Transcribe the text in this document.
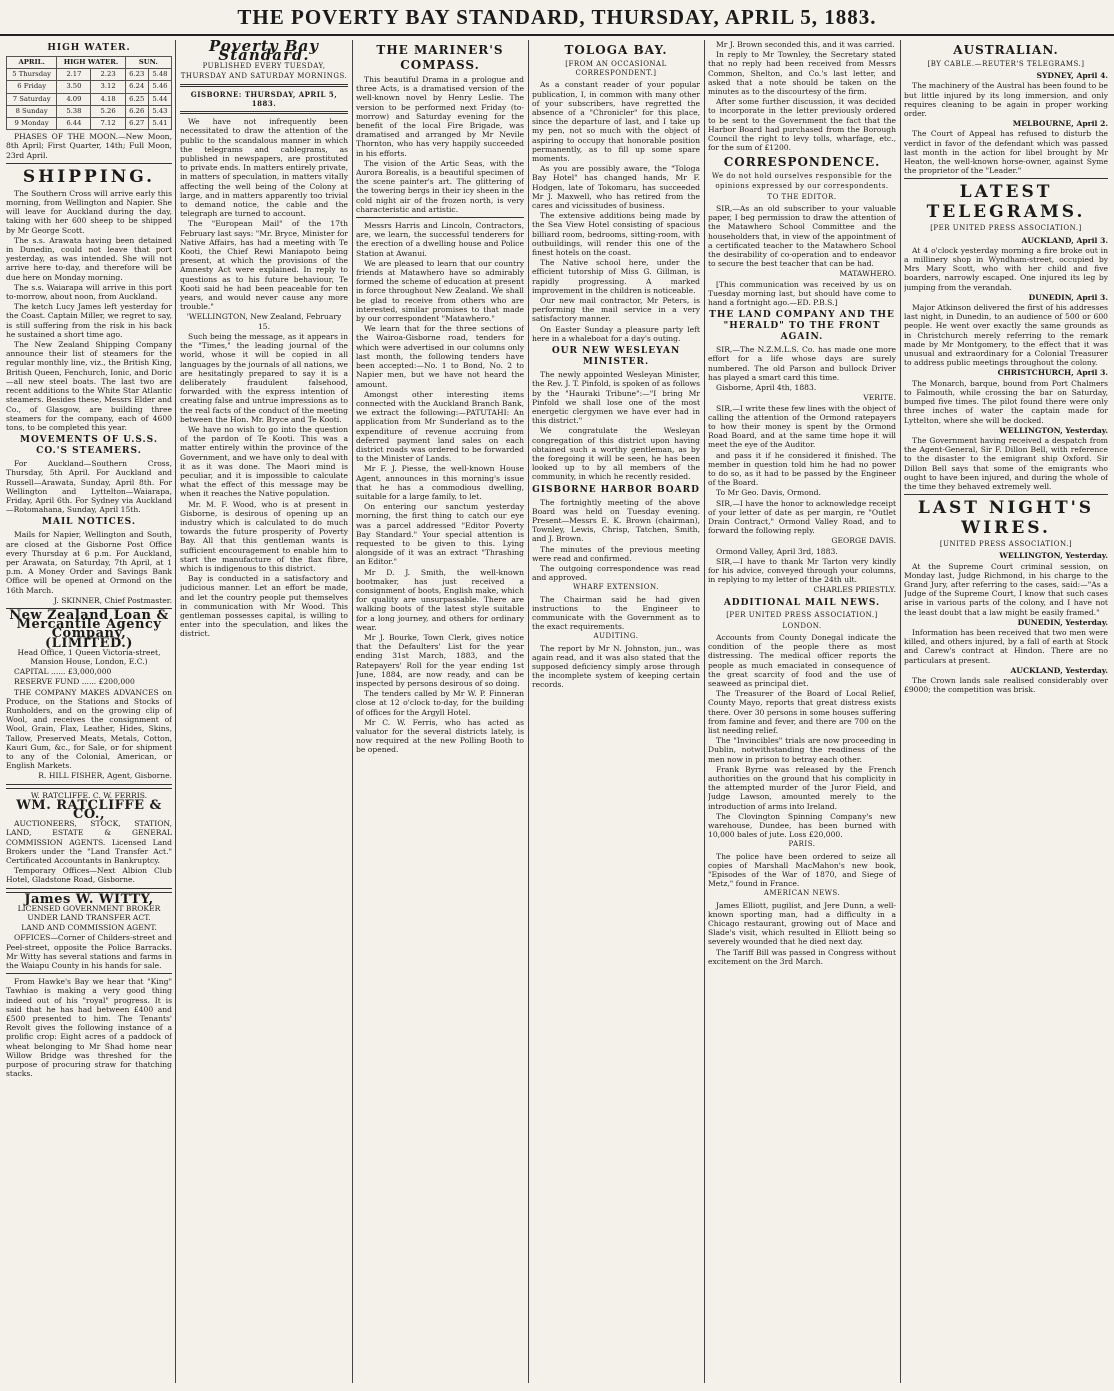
THE POVERTY BAY STANDARD, THURSDAY, APRIL 5, 1883.
HIGH WATER.
APRIL.	HIGH WATER.		SUN.	
5 Thursday	2.17	2.23	6.23	5.48
6 Friday	3.50	3.12	6.24	5.46
7 Saturday	4.09	4.18	6.25	5.44
8 Sunday	5.38	5.26	6.26	5.43
9 Monday	6.44	7.12	6.27	5.41

PHASES OF THE MOON.—New Moon, 8th April; First Quarter, 14th; Full Moon, 23rd April.

SHIPPING.

The Southern Cross will arrive early this morning, from Wellington and Napier. She will leave for Auckland during the day, taking with her 600 sheep to be shipped by Mr George Scott.

The s.s. Arawata having been detained in Dunedin, could not leave that port yesterday, as was intended. She will not arrive here to-day, and therefore will be due here on Monday morning.

The s.s. Waiarapa will arrive in this port to-morrow, about noon, from Auckland.

The ketch Lucy James left yesterday for the Coast. Captain Miller, we regret to say, is still suffering from the risk in his back he sustained a short time ago.

The New Zealand Shipping Company announce their list of steamers for the regular monthly line, viz., the British King, British Queen, Fenchurch, Ionic, and Doric—all new steel boats. The last two are recent additions to the White Star Atlantic steamers. Besides these, Messrs Elder and Co., of Glasgow, are building three steamers for the company, each of 4600 tons, to be completed this year.

MOVEMENTS OF U.S.S. CO.'S STEAMERS.

For Auckland—Southern Cross, Thursday, 5th April. For Auckland and Russell—Arawata, Sunday, April 8th. For Wellington and Lyttelton—Waiarapa, Friday, April 6th. For Sydney via Auckland—Rotomahana, Sunday, April 15th.

MAIL NOTICES.

Mails for Napier, Wellington and South, are closed at the Gisborne Post Office every Thursday at 6 p.m. For Auckland, per Arawata, on Saturday, 7th April, at 1 p.m. A Money Order and Savings Bank Office will be opened at Ormond on the 16th March.

J. SKINNER, Chief Postmaster.

New Zealand Loan & Mercantile Agency Company, (LIMITED.)

Head Office, 1 Queen Victoria-street, Mansion House, London, E.C.)

CAPITAL ...... £3,000,000

RESERVE FUND ...... £200,000

THE COMPANY MAKES ADVANCES on Produce, on the Stations and Stocks of Runholders, and on the growing clip of Wool, and receives the consignment of Wool, Grain, Flax, Leather, Hides, Skins, Tallow, Preserved Meats, Metals, Cotton, Kauri Gum, &c., for Sale, or for shipment to any of the Colonial, American, or English Markets.

R. HILL FISHER, Agent, Gisborne.

W. RATCLIFFE. C. W. FERRIS.

WM. RATCLIFFE & CO.,

AUCTIONEERS, STOCK, STATION, LAND, ESTATE & GENERAL COMMISSION AGENTS. Licensed Land Brokers under the "Land Transfer Act." Certificated Accountants in Bankruptcy.

Temporary Offices—Next Albion Club Hotel, Gladstone Road, Gisborne.

James W. WITTY,

LICENSED GOVERNMENT BROKER UNDER LAND TRANSFER ACT.

LAND AND COMMISSION AGENT.

OFFICES—Corner of Childers-street and Peel-street, opposite the Police Barracks. Mr Witty has several stations and farms in the Waiapu County in his hands for sale.

From Hawke's Bay we hear that "King" Tawhiao is making a very good thing indeed out of his "royal" progress. It is said that he has had between £400 and £500 presented to him. The Tenants' Revolt gives the following instance of a prolific crop: Eight acres of a paddock of wheat belonging to Mr Shad home near Willow Bridge was threshed for the purpose of procuring straw for thatching stacks.

Poverty Bay Standard.
PUBLISHED EVERY TUESDAY, THURSDAY AND SATURDAY MORNINGS.
GISBORNE: THURSDAY, APRIL 5, 1883.

We have not infrequently been necessitated to draw the attention of the public to the scandalous manner in which the telegrams and cablegrams, as published in newspapers, are prostituted to private ends. In matters entirely private, in matters of speculation, in matters vitally affecting the well being of the Colony at large, and in matters apparently too trivial to demand notice, the cable and the telegraph are turned to account.

The "European Mail" of the 17th February last says: "Mr. Bryce, Minister for Native Affairs, has had a meeting with Te Kooti, the Chief Rewi Maniapoto being present, at which the provisions of the Amnesty Act were explained. In reply to questions as to his future behaviour, Te Kooti said he had been peaceable for ten years, and would never cause any more trouble."

'WELLINGTON, New Zealand, February 15.

Such being the message, as it appears in the "Times," the leading journal of the world, whose it will be copied in all languages by the journals of all nations, we are hesitatingly prepared to say it is a deliberately fraudulent falsehood, forwarded with the express intention of creating false and untrue impressions as to the real facts of the conduct of the meeting between the Hon. Mr. Bryce and Te Kooti.

We have no wish to go into the question of the pardon of Te Kooti. This was a matter entirely within the province of the Government, and we have only to deal with it as it was done. The Maori mind is peculiar, and it is impossible to calculate what the effect of this message may be when it reaches the Native population.

Mr. M. F. Wood, who is at present in Gisborne, is desirous of opening up an industry which is calculated to do much towards the future prosperity of Poverty Bay. All that this gentleman wants is sufficient encouragement to enable him to start the manufacture of the flax fibre, which is indigenous to this district.

Bay is conducted in a satisfactory and judicious manner. Let an effort be made, and let the country people put themselves in communication with Mr Wood. This gentleman possesses capital, is willing to enter into the speculation, and likes the district.

THE MARINER'S COMPASS.

This beautiful Drama in a prologue and three Acts, is a dramatised version of the well-known novel by Henry Leslie. The version to be performed next Friday (to-morrow) and Saturday evening for the benefit of the local Fire Brigade, was dramatised and arranged by Mr Nevile Thornton, who has very happily succeeded in his efforts.

The vision of the Artic Seas, with the Aurora Borealis, is a beautiful specimen of the scene painter's art. The glittering of the towering bergs in their icy sheen in the cold night air of the frozen north, is very characteristic and artistic.

Messrs Harris and Lincoln, Contractors, are, we learn, the successful tenderers for the erection of a dwelling house and Police Station at Awanui.

We are pleased to learn that our country friends at Matawhero have so admirably formed the scheme of education at present in force throughout New Zealand. We shall be glad to receive from others who are interested, similar promises to that made by our correspondent "Matawhero."

We learn that for the three sections of the Wairoa-Gisborne road, tenders for which were advertised in our columns only last month, the following tenders have been accepted:—No. 1 to Bond, No. 2 to Napier men, but we have not heard the amount.

Amongst other interesting items connected with the Auckland Branch Bank, we extract the following:—PATUTAHI: An application from Mr Sunderland as to the expenditure of revenue accruing from deferred payment land sales on each district roads was ordered to be forwarded to the Minister of Lands.

Mr F. J. Piesse, the well-known House Agent, announces in this morning's issue that he has a commodious dwelling, suitable for a large family, to let.

On entering our sanctum yesterday morning, the first thing to catch our eye was a parcel addressed "Editor Poverty Bay Standard." Your special attention is requested to be given to this. Lying alongside of it was an extract "Thrashing an Editor."

Mr D. J. Smith, the well-known bootmaker, has just received a consignment of boots, English make, which for quality are unsurpassable. There are walking boots of the latest style suitable for a long journey, and others for ordinary wear.

Mr J. Bourke, Town Clerk, gives notice that the Defaulters' List for the year ending 31st March, 1883, and the Ratepayers' Roll for the year ending 1st June, 1884, are now ready, and can be inspected by persons desirous of so doing.

The tenders called by Mr W. P. Finneran close at 12 o'clock to-day, for the building of offices for the Argyll Hotel.

Mr C. W. Ferris, who has acted as valuator for the several districts lately, is now required at the new Polling Booth to be opened.

TOLOGA BAY.
[FROM AN OCCASIONAL CORRESPONDENT.]

As a constant reader of your popular publication, I, in common with many other of your subscribers, have regretted the absence of a "Chronicler" for this place, since the departure of last, and I take up my pen, not so much with the object of aspiring to occupy that honorable position permanently, as to fill up some spare moments.

As you are possibly aware, the "Tologa Bay Hotel" has changed hands, Mr F. Hodgen, late of Tokomaru, has succeeded Mr J. Maxwell, who has retired from the cares and vicissitudes of business.

The extensive additions being made by the Sea View Hotel consisting of spacious billiard room, bedrooms, sitting-room, with outbuildings, will render this one of the finest hotels on the coast.

The Native school here, under the efficient tutorship of Miss G. Gillman, is rapidly progressing. A marked improvement in the children is noticeable.

Our new mail contractor, Mr Peters, is performing the mail service in a very satisfactory manner.

On Easter Sunday a pleasure party left here in a whaleboat for a day's outing.

OUR NEW WESLEYAN MINISTER.

The newly appointed Wesleyan Minister, the Rev. J. T. Pinfold, is spoken of as follows by the "Hauraki Tribune":—"I bring Mr Pinfold we shall lose one of the most energetic clergymen we have ever had in this district."

We congratulate the Wesleyan congregation of this district upon having obtained such a worthy gentleman, as by the foregoing it will be seen, he has been looked up to by all members of the community, in which he recently resided.

GISBORNE HARBOR BOARD

The fortnightly meeting of the above Board was held on Tuesday evening. Present—Messrs E. K. Brown (chairman), Townley, Lewis, Chrisp, Tatchen, Smith, and J. Brown.

The minutes of the previous meeting were read and confirmed.

The outgoing correspondence was read and approved.

WHARF EXTENSION.

The Chairman said he had given instructions to the Engineer to communicate with the Government as to the exact requirements.

AUDITING.

The report by Mr N. Johnston, jun., was again read, and it was also stated that the supposed deficiency simply arose through the incomplete system of keeping certain records.

Mr J. Brown seconded this, and it was carried.

In reply to Mr Townley, the Secretary stated that no reply had been received from Messrs Common, Shelton, and Co.'s last letter, and asked that a note should be taken on the minutes as to the discourtesy of the firm.

After some further discussion, it was decided to incorporate in the letter previously ordered to be sent to the Government the fact that the Harbor Board had purchased from the Borough Council the right to levy tolls, wharfage, etc., for the sum of £1200.

CORRESPONDENCE.
We do not hold ourselves responsible for the opinions expressed by our correspondents.
TO THE EDITOR.

SIR,—As an old subscriber to your valuable paper, I beg permission to draw the attention of the Matawhero School Committee and the householders that, in view of the appointment of a certificated teacher to the Matawhero School the desirability of co-operation and to endeavor to secure the best teacher that can be had.

MATAWHERO.

[This communication was received by us on Tuesday morning last, but should have come to hand a fortnight ago.—ED. P.B.S.]

THE LAND COMPANY AND THE "HERALD" TO THE FRONT AGAIN.

SIR,—The N.Z.M.L.S. Co. has made one more effort for a life whose days are surely numbered. The old Parson and bullock Driver has played a smart card this time.

Gisborne, April 4th, 1883.

VERITE.

SIR,—I write these few lines with the object of calling the attention of the Ormond ratepayers to how their money is spent by the Ormond Road Board, and at the same time hope it will meet the eye of the Auditor.

and pass it if he considered it finished. The member in question told him he had no power to do so, as it had to be passed by the Engineer of the Board.

To Mr Geo. Davis, Ormond.

SIR,—I have the honor to acknowledge receipt of your letter of date as per margin, re "Outlet Drain Contract," Ormond Valley Road, and to forward the following reply.

GEORGE DAVIS.

Ormond Valley, April 3rd, 1883.

SIR,—I have to thank Mr Tarton very kindly for his advice, conveyed through your columns, in replying to my letter of the 24th ult.

CHARLES PRIESTLY.

ADDITIONAL MAIL NEWS.
[PER UNITED PRESS ASSOCIATION.]
LONDON.

Accounts from County Donegal indicate the condition of the people there as most distressing. The medical officer reports the people as much emaciated in consequence of the great scarcity of food and the use of seaweed as principal diet.

The Treasurer of the Board of Local Relief, County Mayo, reports that great distress exists there. Over 30 persons in some houses suffering from famine and fever, and there are 700 on the list needing relief.

The "Invincibles" trials are now proceeding in Dublin, notwithstanding the readiness of the men now in prison to betray each other.

Frank Byrne was released by the French authorities on the ground that his complicity in the attempted murder of the Juror Field, and Judge Lawson, amounted merely to the introduction of arms into Ireland.

The Clovington Spinning Company's new warehouse, Dundee, has been burned with 10,000 bales of jute. Loss £20,000.

PARIS.

The police have been ordered to seize all copies of Marshall MacMahon's new book, "Episodes of the War of 1870, and Siege of Metz," found in France.

AMERICAN NEWS.

James Elliott, pugilist, and Jere Dunn, a well-known sporting man, had a difficulty in a Chicago restaurant, growing out of Mace and Slade's visit, which resulted in Elliott being so severely wounded that he died next day.

The Tariff Bill was passed in Congress without excitement on the 3rd March.

AUSTRALIAN.
[BY CABLE.—REUTER'S TELEGRAMS.]

SYDNEY, April 4.

The machinery of the Austral has been found to be but little injured by its long immersion, and only requires cleaning to be again in proper working order.

MELBOURNE, April 2.

The Court of Appeal has refused to disturb the verdict in favor of the defendant which was passed last month in the action for libel brought by Mr Heaton, the well-known horse-owner, against Syme the proprietor of the "Leader."

LATEST TELEGRAMS.
[PER UNITED PRESS ASSOCIATION.]

AUCKLAND, April 3.

At 4 o'clock yesterday morning a fire broke out in a millinery shop in Wyndham-street, occupied by Mrs Mary Scott, who with her child and five boarders, narrowly escaped. One injured its leg by jumping from the verandah.

DUNEDIN, April 3.

Major Atkinson delivered the first of his addresses last night, in Dunedin, to an audience of 500 or 600 people. He went over exactly the same grounds as in Christchurch merely referring to the remark made by Mr Montgomery, to the effect that it was unusual and extraordinary for a Colonial Treasurer to address public meetings throughout the colony.

CHRISTCHURCH, April 3.

The Monarch, barque, bound from Port Chalmers to Falmouth, while crossing the bar on Saturday, bumped five times. The pilot found there were only three inches of water the captain made for Lyttelton, where she will be docked.

WELLINGTON, Yesterday.

The Government having received a despatch from the Agent-General, Sir F. Dillon Bell, with reference to the disaster to the emigrant ship Oxford. Sir Dillon Bell says that some of the emigrants who ought to have been injured, and during the whole of the time they behaved extremely well.

LAST NIGHT'S WIRES.
[UNITED PRESS ASSOCIATION.]

WELLINGTON, Yesterday.

At the Supreme Court criminal session, on Monday last, Judge Richmond, in his charge to the Grand Jury, after referring to the cases, said:—"As a Judge of the Supreme Court, I know that such cases arise in various parts of the colony, and I have not the least doubt that a law might be easily framed."

DUNEDIN, Yesterday.

Information has been received that two men were killed, and others injured, by a fall of earth at Stock and Carew's contract at Hindon. There are no particulars at present.

AUCKLAND, Yesterday.

The Crown lands sale realised considerably over £9000; the competition was brisk.
